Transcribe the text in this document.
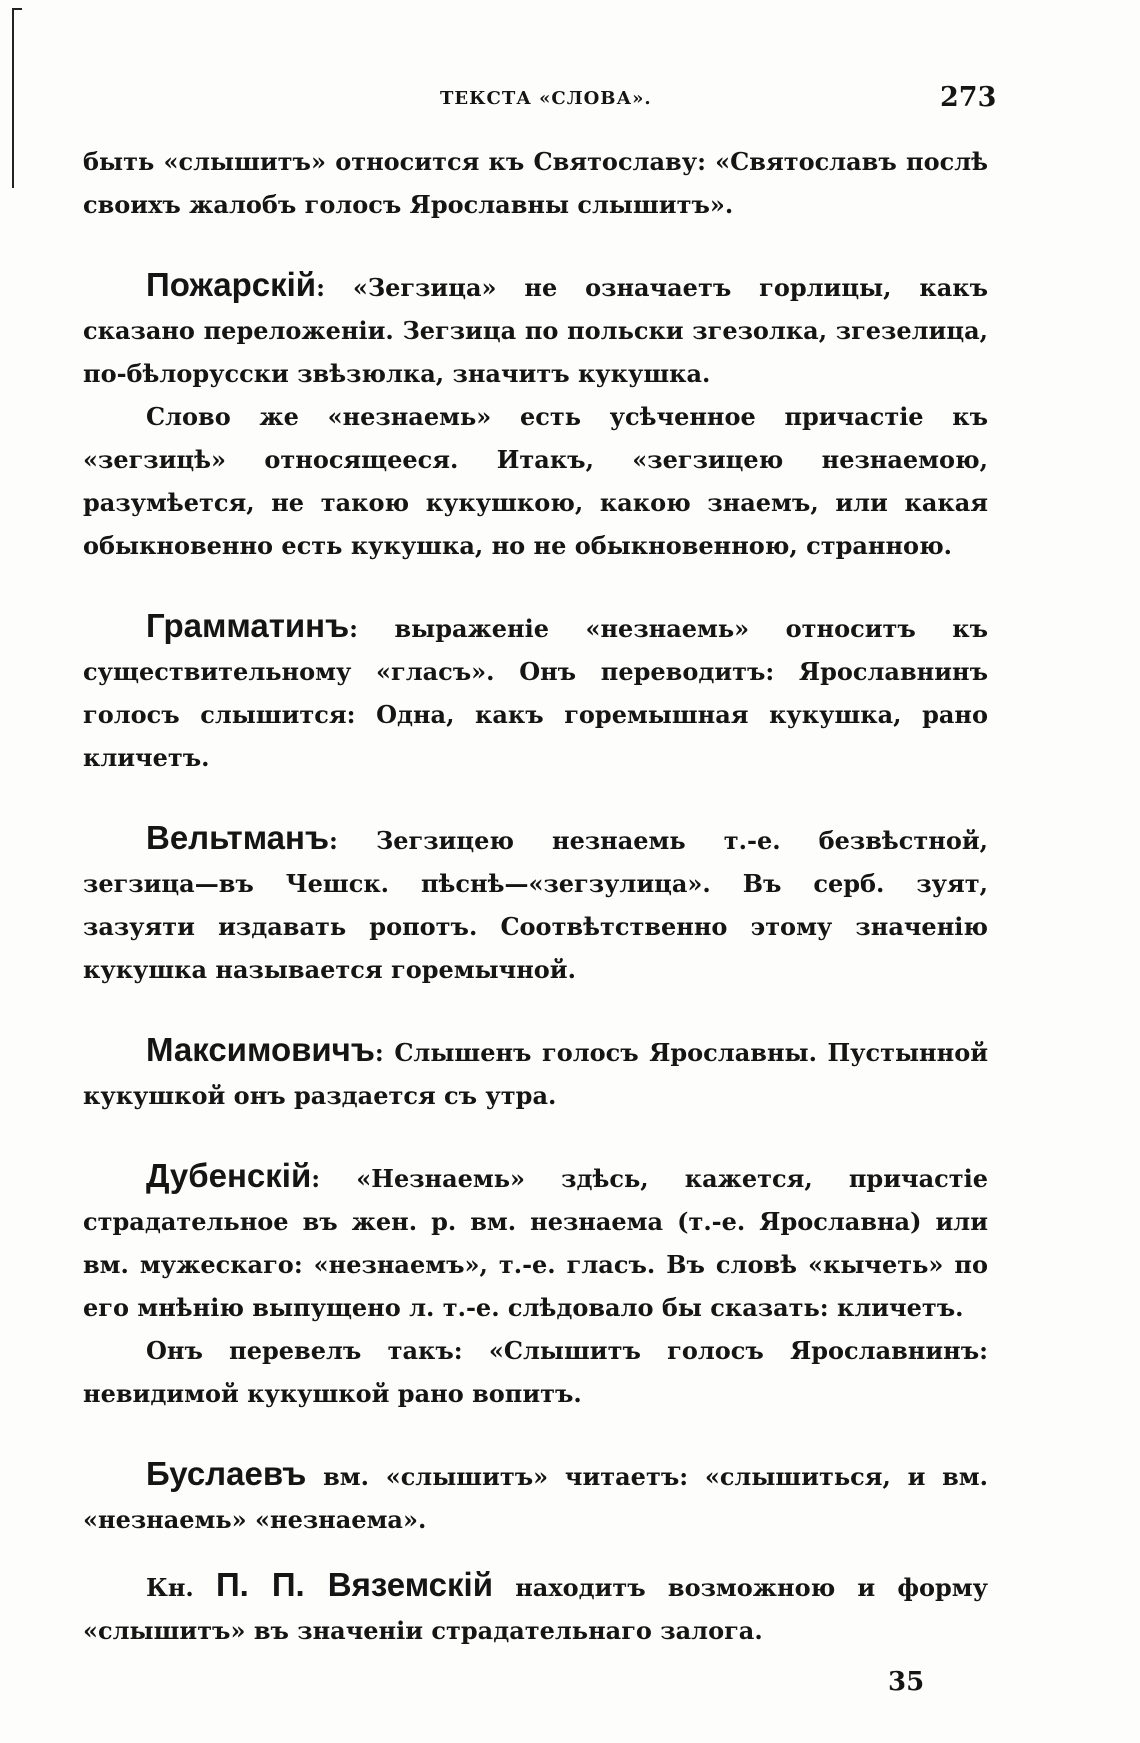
ТЕКСТА «СЛОВА».	273

быть «слышитъ» относится къ Святославу: «Святославъ послѣ своихъ жалобъ голосъ Ярославны слышитъ».

Пожарскій: «Зегзица» не означаетъ горлицы, какъ сказано переложеніи. Зегзица по польски згезолка, згезелица, по-бѣлорусски звѣзюлка, значитъ кукушка.

Слово же «незнаемь» есть усѣченное причастіе къ «зегзицѣ» относящееся. Итакъ, «зегзицею незнаемою, разумѣется, не такою кукушкою, какою знаемъ, или какая обыкновенно есть кукушка, но не обыкновенною, странною.

Грамматинъ: выраженіе «незнаемь» относитъ къ существительному «гласъ». Онъ переводитъ: Ярославнинъ голосъ слышится: Одна, какъ горемышная кукушка, рано кличетъ.

Вельтманъ: Зегзицею незнаемь т.-е. безвѣстной, зегзица—въ Чешск. пѣснѣ—«зегзулица». Въ серб. зуят, зазуяти издавать ропотъ. Соотвѣтственно этому значенію кукушка называется горемычной.

Максимовичъ: Слышенъ голосъ Ярославны. Пустынной кукушкой онъ раздается съ утра.

Дубенскій: «Незнаемь» здѣсь, кажется, причастіе страдательное въ жен. р. вм. незнаема (т.-е. Ярославна) или вм. мужескаго: «незнаемъ», т.-е. гласъ. Въ словѣ «кычеть» по его мнѣнію выпущено л. т.-е. слѣдовало бы сказать: кличетъ.

Онъ перевелъ такъ: «Слышитъ голосъ Ярославнинъ: невидимой кукушкой рано вопитъ.

Буслаевъ вм. «слышитъ» читаетъ: «слышиться, и вм. «незнаемь» «незнаема».

Кн. П. П. Вяземскій находитъ возможною и форму «слышитъ» въ значеніи страдательнаго залога.

35
